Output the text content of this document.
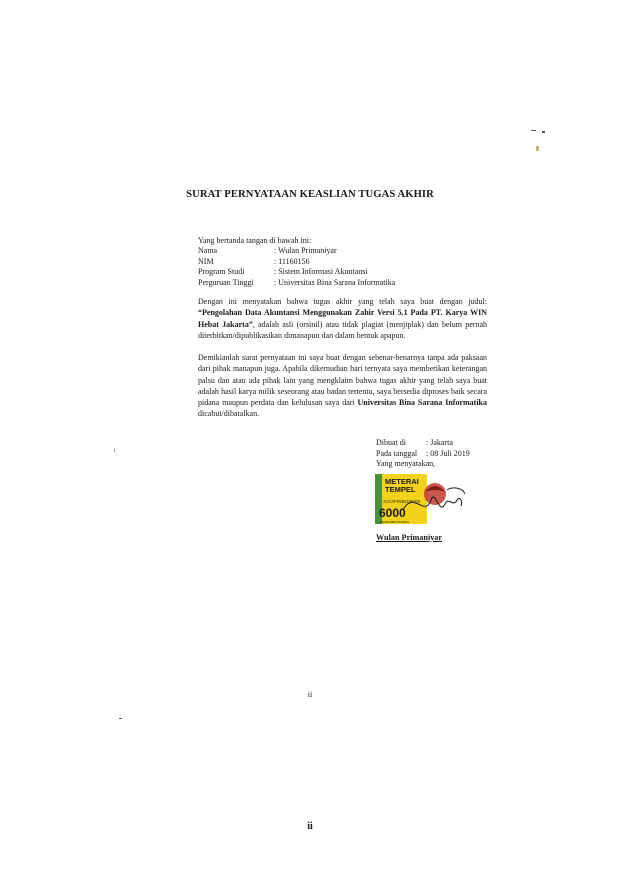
SURAT PERNYATAAN KEASLIAN TUGAS AKHIR
Yang bertanda tangan di bawah ini:
Nama	: Wulan Primaniyar
NIM	: 11160156
Program Studi	: Sistem Informasi Akuntansi
Perguruan Tinggi	: Universitas Bina Sarana Informatika

Dengan ini menyatakan bahwa tugas akhir yang telah saya buat dengan judul: “Pengolahan Data Akuntansi Menggunakan Zahir Versi 5.1 Pada PT. Karya WIN Hebat Jakarta”, adalah asli (orsinil) atau tidak plagiat (menjiplak) dan belum pernah diterbitkan/dipublikasikan dimanapun dan dalam bentuk apapun.

Demikianlah surat pernyataan ini saya buat dengan sebenar-benarnya tanpa ada paksaan dari pihak manapun juga. Apabila dikemudian hari ternyata saya memberikan keterangan palsu dan atau ada pihak lain yang mengklaim bahwa tugas akhir yang telah saya buat adalah hasil karya milik seseorang atau badan tertentu, saya bersedia diproses baik secara pidana maupun perdata dan kelulusan saya dari Universitas Bina Sarana Informatika dicabut/dibatalkan.

Dibuat di	: Jakarta
Pada tanggal	: 08 Juli 2019
Yang menyatakan,
METERAI
TEMPEL
2CCAFF892166903
6000
ENAM RIBU RUPIAH
Wulan Primaniyar
ii
ii
